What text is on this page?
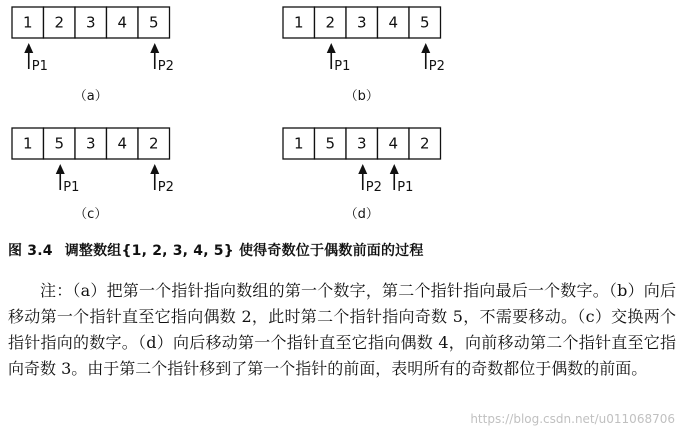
1 2 3 4 5
P1	P2
（a）
1 2 3 4 5
P1	P2
（b）
1 5 3 4 2
P1	P2
（c）
1 5 3 4 2
P2 P1
（d）

图 3.4 调整数组{1, 2, 3, 4, 5} 使得奇数位于偶数前面的过程

注：（a）把第一个指针指向数组的第一个数字，第二个指针指向最后一个数字。（b）向后移动第一个指针直至它指向偶数 2，此时第二个指针指向奇数 5，不需要移动。（c）交换两个指针指向的数字。（d）向后移动第一个指针直至它指向偶数 4，向前移动第二个指针直至它指向奇数 3。由于第二个指针移到了第一个指针的前面，表明所有的奇数都位于偶数的前面。

https://blog.csdn.net/u011068706
